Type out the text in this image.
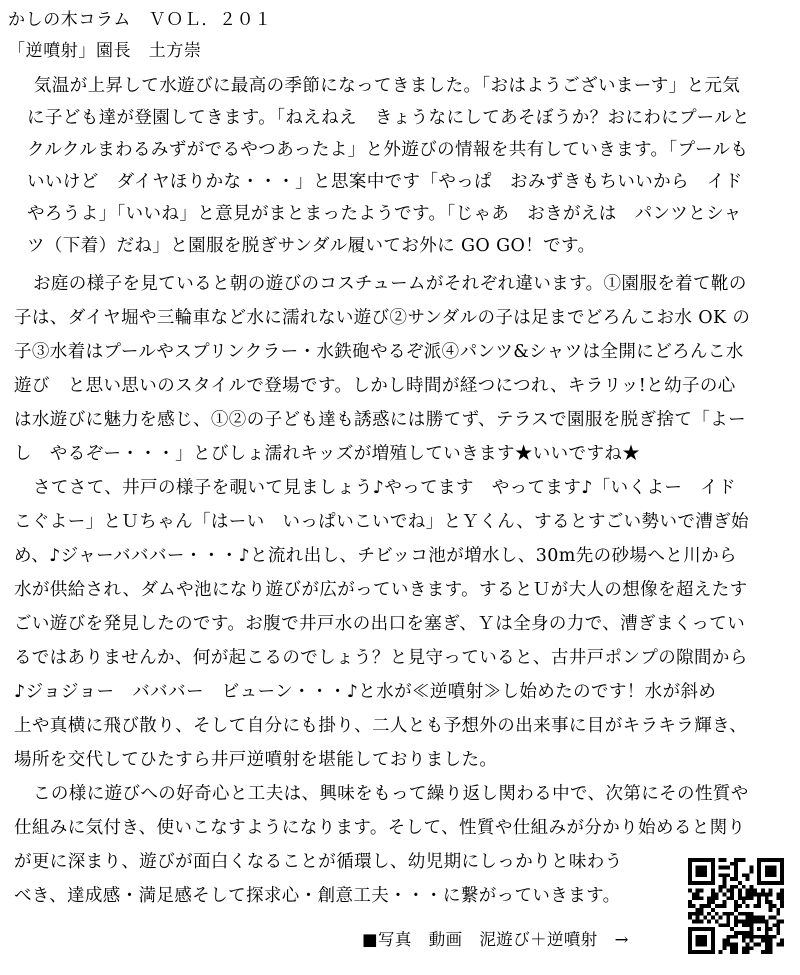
かしの木コラム　ＶＯＬ．２０１
「逆噴射」園長　土方崇
　気温が上昇して水遊びに最高の季節になってきました。「おはようございまーす」と元気
に子ども達が登園してきます。「ねえねえ　きょうなにしてあそぼうか？おにわにプールと
クルクルまわるみずがでるやつあったよ」と外遊びの情報を共有していきます。「プールも
いいけど　ダイヤほりかな・・・」と思案中です「やっぱ　おみずきもちいいから　イド
やろうよ」「いいね」と意見がまとまったようです。「じゃあ　おきがえは　パンツとシャ
ツ（下着）だね」と園服を脱ぎサンダル履いてお外に GO GO！です。
お庭の様子を見ていると朝の遊びのコスチュームがそれぞれ違います。①園服を着て靴の
子は、ダイヤ堀や三輪車など水に濡れない遊び②サンダルの子は足までどろんこお水 OK の
子③水着はプールやスプリンクラー・水鉄砲やるぞ派④パンツ&シャツは全開にどろんこ水
遊び　と思い思いのスタイルで登場です。しかし時間が経つにつれ、キラリッ!と幼子の心
は水遊びに魅力を感じ、①②の子ども達も誘惑には勝てず、テラスで園服を脱ぎ捨て「よー
し　やるぞー・・・」とびしょ濡れキッズが増殖していきます★いいですね★
さてさて、井戸の様子を覗いて見ましょう♪やってます　やってます♪「いくよー　イド
こぐよー」とＵちゃん「はーい　いっぱいこいでね」とＹくん、するとすごい勢いで漕ぎ始
め、♪ジャーバババー・・・♪と流れ出し、チビッコ池が増水し、30m先の砂場へと川から
水が供給され、ダムや池になり遊びが広がっていきます。するとＵが大人の想像を超えたす
ごい遊びを発見したのです。お腹で井戸水の出口を塞ぎ、Ｙは全身の力で、漕ぎまくってい
るではありませんか、何が起こるのでしょう？と見守っていると、古井戸ポンプの隙間から
♪ジョジョー　バババー　ビューン・・・♪と水が≪逆噴射≫し始めたのです！水が斜め
上や真横に飛び散り、そして自分にも掛り、二人とも予想外の出来事に目がキラキラ輝き、
場所を交代してひたすら井戸逆噴射を堪能しておりました。
この様に遊びへの好奇心と工夫は、興味をもって繰り返し関わる中で、次第にその性質や
仕組みに気付き、使いこなすようになります。そして、性質や仕組みが分かり始めると関り
が更に深まり、遊びが面白くなることが循環し、幼児期にしっかりと味わう
べき、達成感・満足感そして探求心・創意工夫・・・に繋がっていきます。
■写真　動画　泥遊び＋逆噴射　→
